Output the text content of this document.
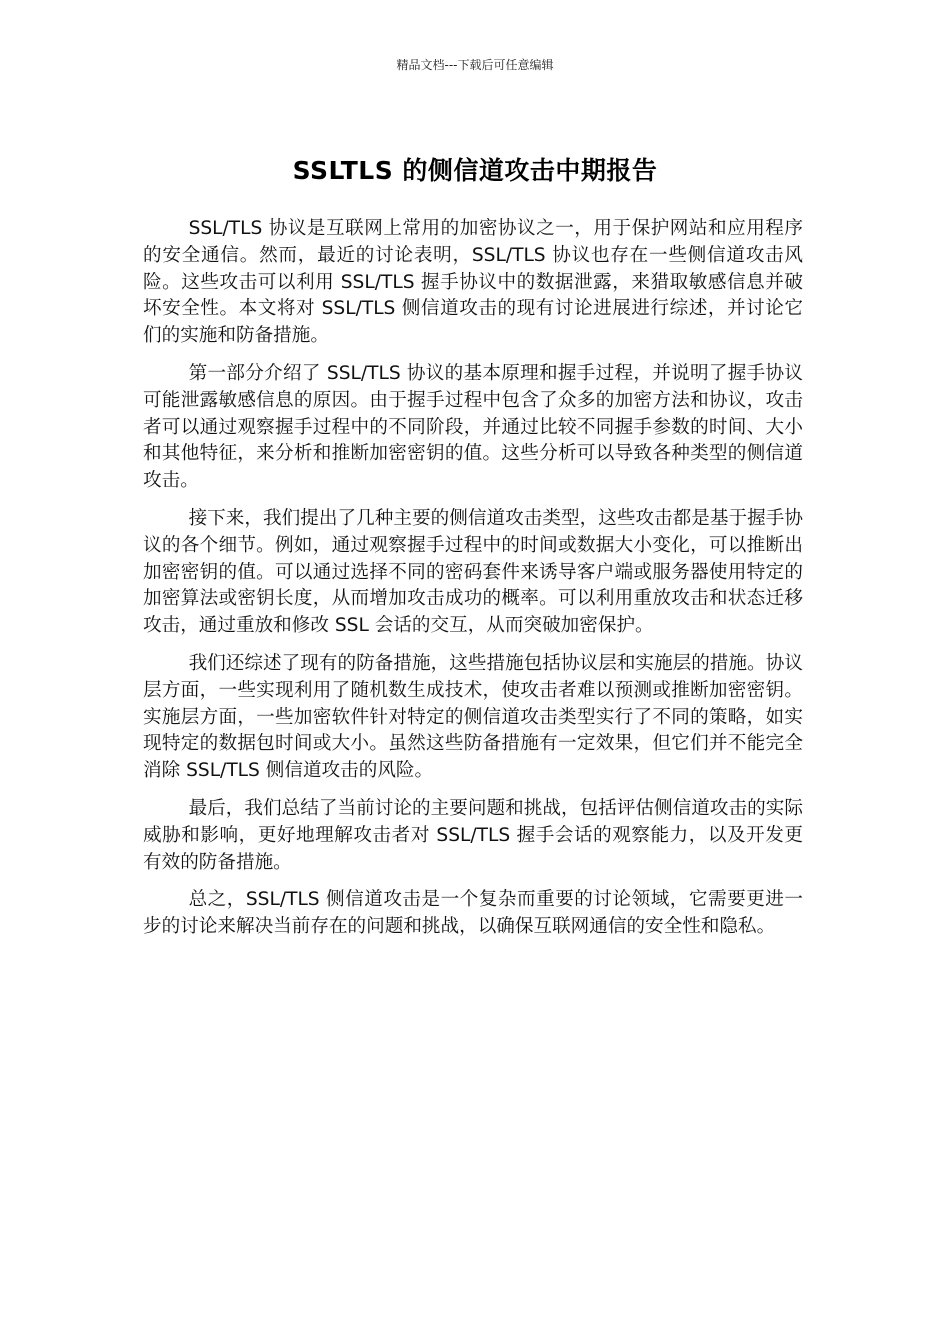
精品文档---下载后可任意编辑
SSLTLS 的侧信道攻击中期报告

SSL/TLS 协议是互联网上常用的加密协议之一，用于保护网站和应用程序的安全通信。然而，最近的讨论表明，SSL/TLS 协议也存在一些侧信道攻击风险。这些攻击可以利用 SSL/TLS 握手协议中的数据泄露，来猎取敏感信息并破坏安全性。本文将对 SSL/TLS 侧信道攻击的现有讨论进展进行综述，并讨论它们的实施和防备措施。

第一部分介绍了 SSL/TLS 协议的基本原理和握手过程，并说明了握手协议可能泄露敏感信息的原因。由于握手过程中包含了众多的加密方法和协议，攻击者可以通过观察握手过程中的不同阶段，并通过比较不同握手参数的时间、大小和其他特征，来分析和推断加密密钥的值。这些分析可以导致各种类型的侧信道攻击。

接下来，我们提出了几种主要的侧信道攻击类型，这些攻击都是基于握手协议的各个细节。例如，通过观察握手过程中的时间或数据大小变化，可以推断出加密密钥的值。可以通过选择不同的密码套件来诱导客户端或服务器使用特定的加密算法或密钥长度，从而增加攻击成功的概率。可以利用重放攻击和状态迁移攻击，通过重放和修改 SSL 会话的交互，从而突破加密保护。

我们还综述了现有的防备措施，这些措施包括协议层和实施层的措施。协议层方面，一些实现利用了随机数生成技术，使攻击者难以预测或推断加密密钥。实施层方面，一些加密软件针对特定的侧信道攻击类型实行了不同的策略，如实现特定的数据包时间或大小。虽然这些防备措施有一定效果，但它们并不能完全消除 SSL/TLS 侧信道攻击的风险。

最后，我们总结了当前讨论的主要问题和挑战，包括评估侧信道攻击的实际威胁和影响，更好地理解攻击者对 SSL/TLS 握手会话的观察能力，以及开发更有效的防备措施。

总之，SSL/TLS 侧信道攻击是一个复杂而重要的讨论领域，它需要更进一步的讨论来解决当前存在的问题和挑战，以确保互联网通信的安全性和隐私。
